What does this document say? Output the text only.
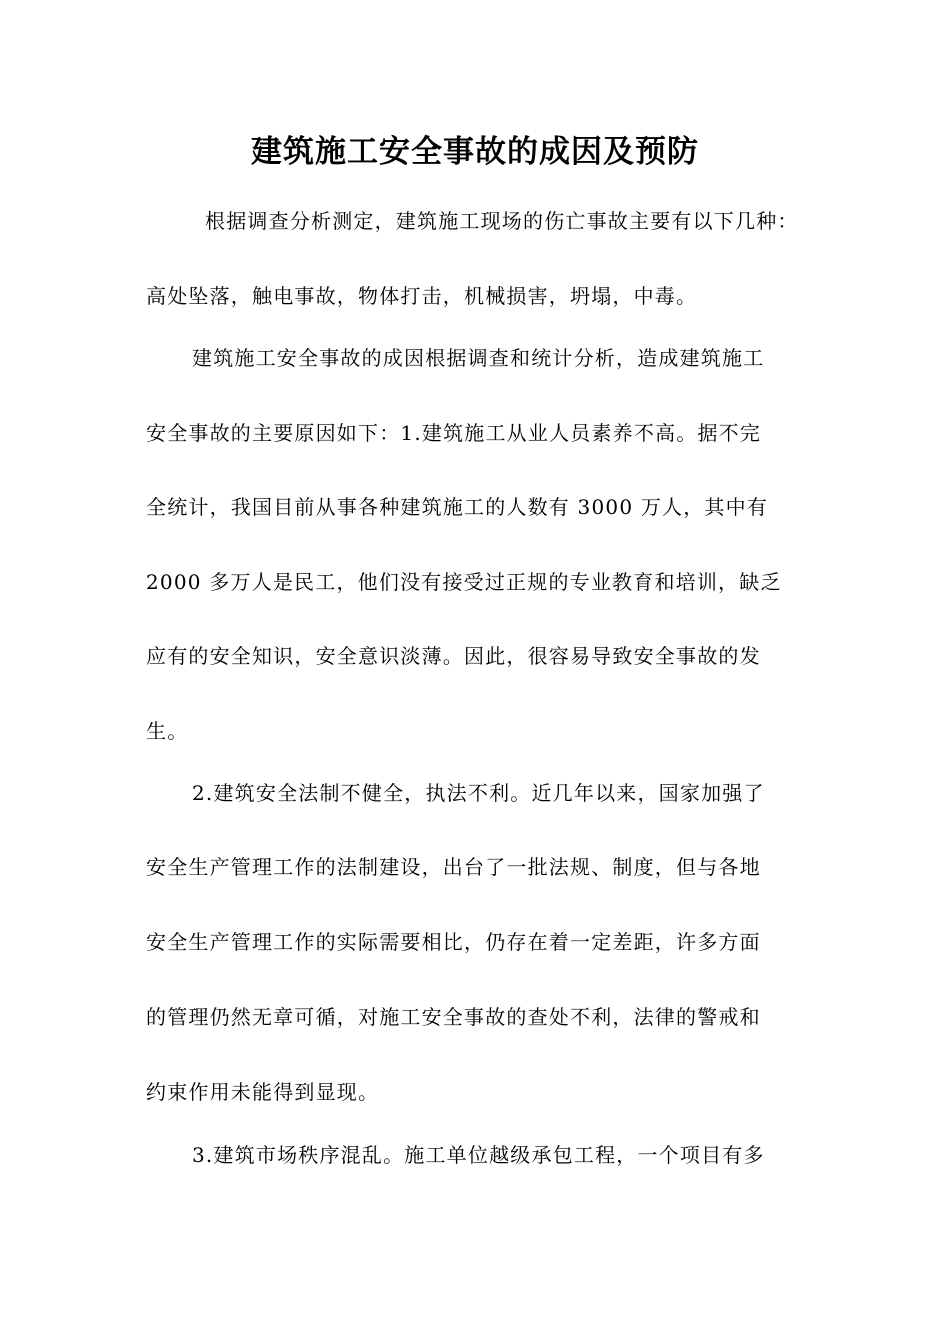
建筑施工安全事故的成因及预防
根据调查分析测定，建筑施工现场的伤亡事故主要有以下几种：
高处坠落，触电事故，物体打击，机械损害，坍塌，中毒。
建筑施工安全事故的成因根据调查和统计分析，造成建筑施工
安全事故的主要原因如下：1.建筑施工从业人员素养不高。据不完
全统计，我国目前从事各种建筑施工的人数有 3000 万人，其中有
2000 多万人是民工，他们没有接受过正规的专业教育和培训，缺乏
应有的安全知识，安全意识淡薄。因此，很容易导致安全事故的发
生。
2.建筑安全法制不健全，执法不利。近几年以来，国家加强了
安全生产管理工作的法制建设，出台了一批法规、制度，但与各地
安全生产管理工作的实际需要相比，仍存在着一定差距，许多方面
的管理仍然无章可循，对施工安全事故的查处不利，法律的警戒和
约束作用未能得到显现。
3.建筑市场秩序混乱。施工单位越级承包工程，一个项目有多
